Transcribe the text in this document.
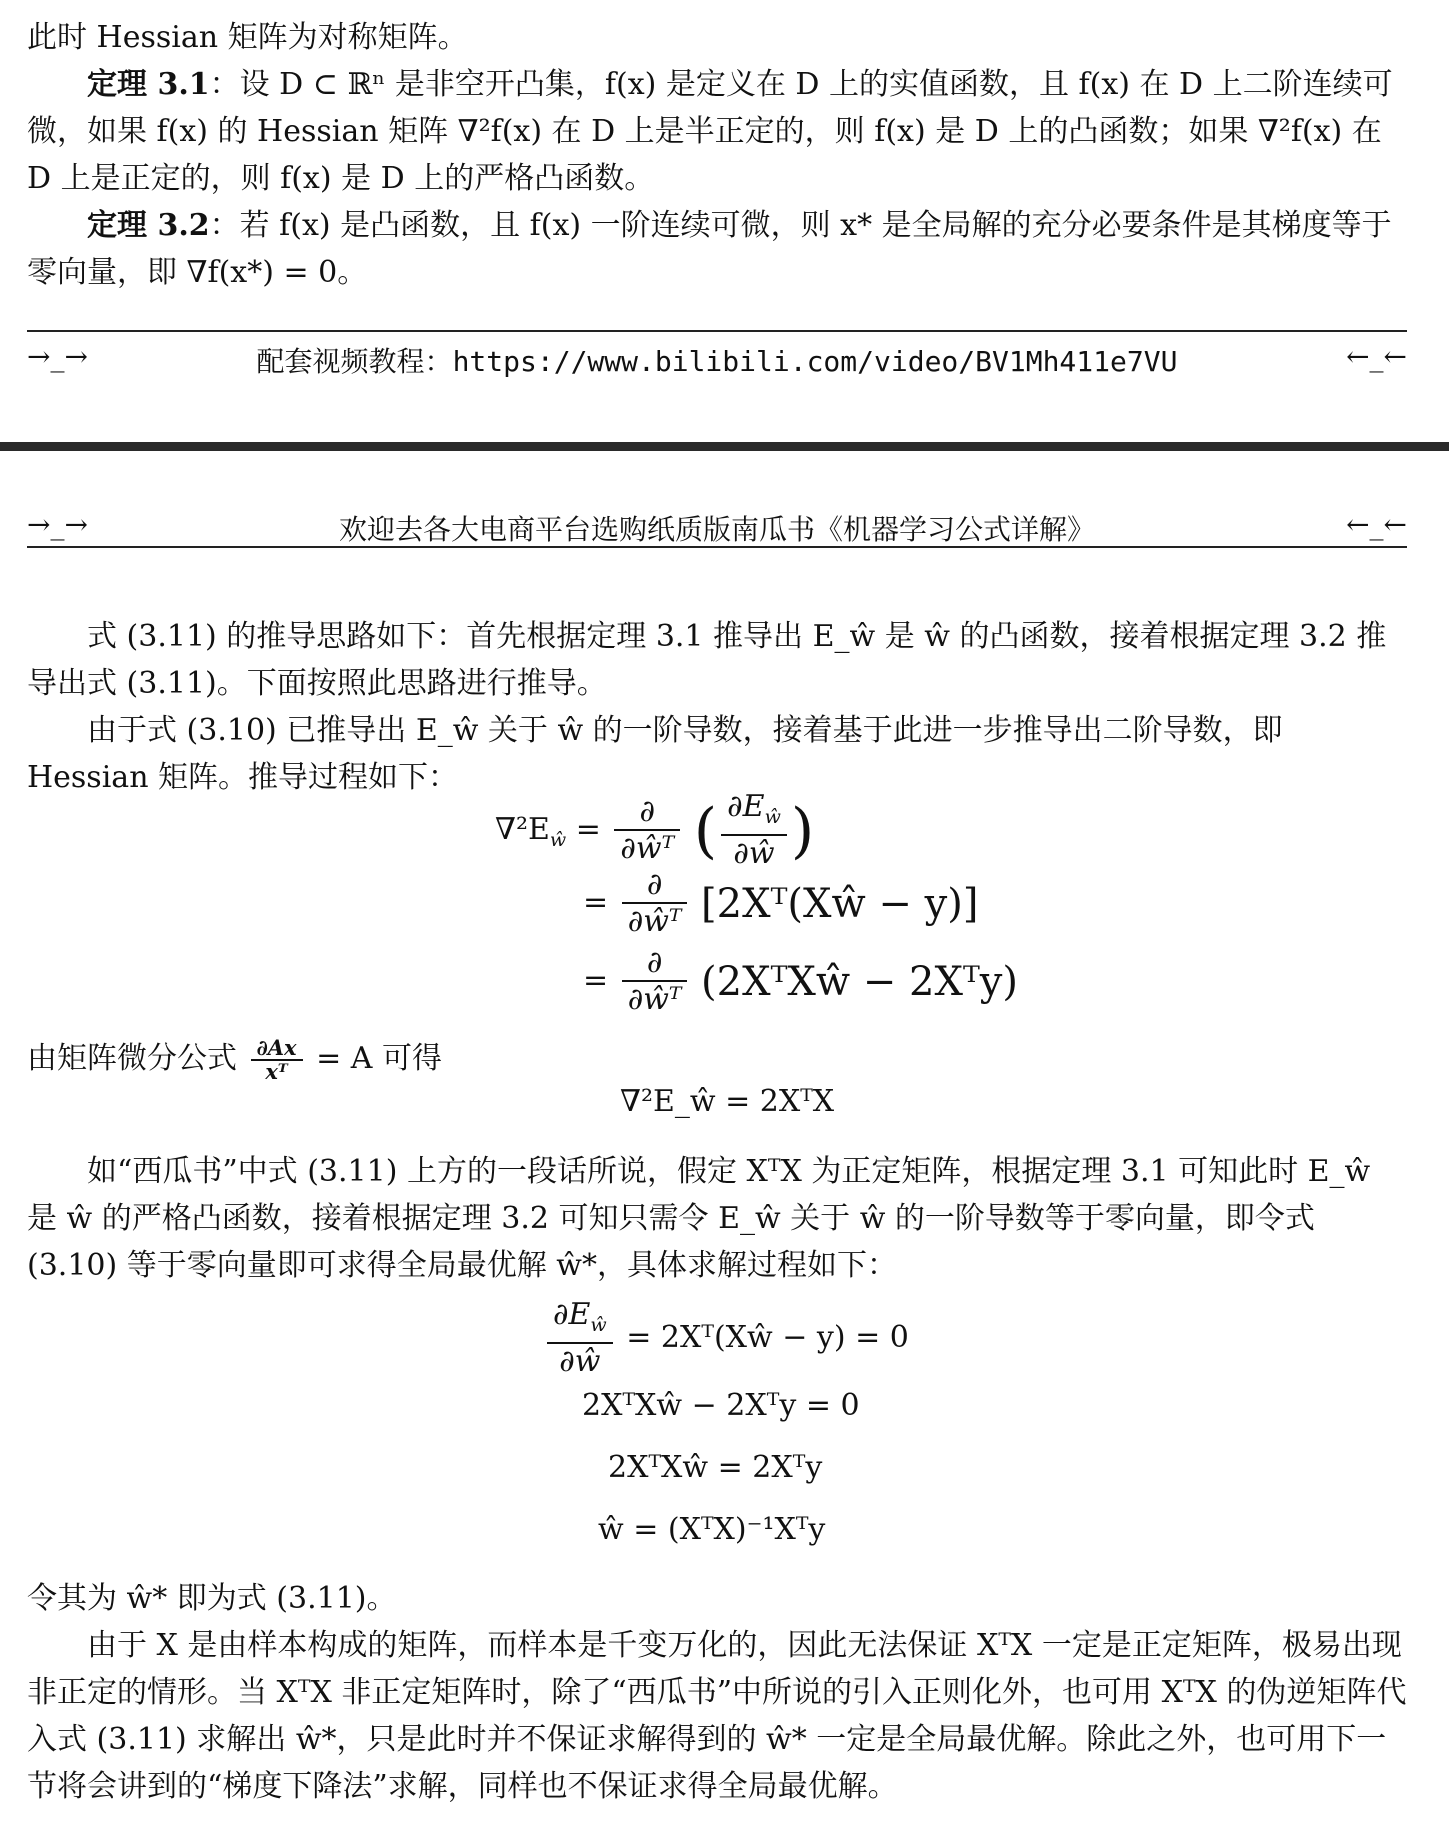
此时 Hessian 矩阵为对称矩阵。

定理 3.1：设 D ⊂ ℝⁿ 是非空开凸集，f(x) 是定义在 D 上的实值函数，且 f(x) 在 D 上二阶连续可微，如果 f(x) 的 Hessian 矩阵 ∇²f(x) 在 D 上是半正定的，则 f(x) 是 D 上的凸函数；如果 ∇²f(x) 在 D 上是正定的，则 f(x) 是 D 上的严格凸函数。

定理 3.2：若 f(x) 是凸函数，且 f(x) 一阶连续可微，则 x* 是全局解的充分必要条件是其梯度等于零向量，即 ∇f(x*) = 0。

→_→	配套视频教程：https://www.bilibili.com/video/BV1Mh411e7VU	←_←
→_→	欢迎去各大电商平台选购纸质版南瓜书《机器学习公式详解》	←_←

式 (3.11) 的推导思路如下：首先根据定理 3.1 推导出 E_ŵ 是 ŵ 的凸函数，接着根据定理 3.2 推导出式 (3.11)。下面按照此思路进行推导。

由于式 (3.10) 已推导出 E_ŵ 关于 ŵ 的一阶导数，接着基于此进一步推导出二阶导数，即 Hessian 矩阵。推导过程如下：

$\nabla^2E_ŵ = \frac{\partial}{\text{∂ŵᵀ}}$ ( $\frac{\partial E_ŵ}{\partial ŵ}$ )
= $\frac{\partial}{\text{∂ŵᵀ}}$ [2Xᵀ(Xŵ − y)]
= $\frac{\partial}{\text{∂ŵᵀ}}$ (2XᵀXŵ − 2Xᵀy)
由矩阵微分公式 $\frac{\partial Ax}{\text{xᵀ}} = A$ 可得
∇²E_ŵ = 2XᵀX

如“西瓜书”中式 (3.11) 上方的一段话所说，假定 XᵀX 为正定矩阵，根据定理 3.1 可知此时 E_ŵ 是 ŵ 的严格凸函数，接着根据定理 3.2 可知只需令 E_ŵ 关于 ŵ 的一阶导数等于零向量，即令式 (3.10) 等于零向量即可求得全局最优解 ŵ*，具体求解过程如下：

$\frac{\partial E_ŵ}{\partial ŵ}$ = 2Xᵀ(Xŵ − y) = 0
2XᵀXŵ − 2Xᵀy = 0
2XᵀXŵ = 2Xᵀy
ŵ = (XᵀX)⁻¹Xᵀy

令其为 ŵ* 即为式 (3.11)。

由于 X 是由样本构成的矩阵，而样本是千变万化的，因此无法保证 XᵀX 一定是正定矩阵，极易出现非正定的情形。当 XᵀX 非正定矩阵时，除了“西瓜书”中所说的引入正则化外，也可用 XᵀX 的伪逆矩阵代入式 (3.11) 求解出 ŵ*，只是此时并不保证求解得到的 ŵ* 一定是全局最优解。除此之外，也可用下一节将会讲到的“梯度下降法”求解，同样也不保证求得全局最优解。
